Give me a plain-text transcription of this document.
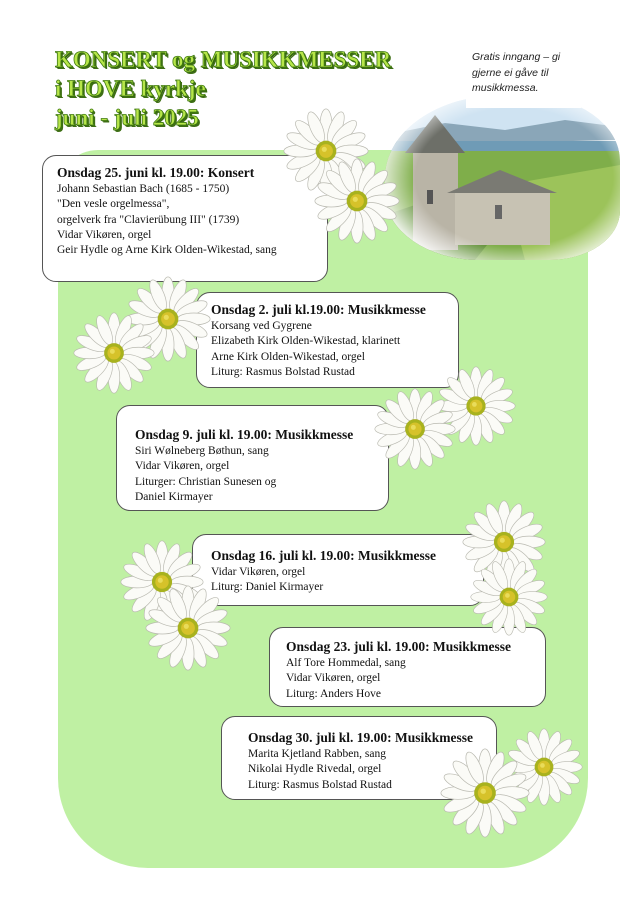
KONSERT og MUSIKKMESSER
i HOVE kyrkje
juni - juli 2025
Gratis inngang – gi
gjerne ei gåve til
musikkmessa.
Onsdag 25. juni kl. 19.00: Konsert
Johann Sebastian Bach (1685 - 1750)
"Den vesle orgelmessa",
orgelverk fra "Clavierübung III" (1739)
Vidar Vikøren, orgel
Geir Hydle og Arne Kirk Olden-Wikestad, sang
Onsdag 2. juli kl.19.00: Musikkmesse
Korsang ved Gygrene
Elizabeth Kirk Olden-Wikestad, klarinett
Arne Kirk Olden-Wikestad, orgel
Liturg: Rasmus Bolstad Rustad
Onsdag 9. juli kl. 19.00: Musikkmesse
Siri Wølneberg Bøthun, sang
Vidar Vikøren, orgel
Liturger: Christian Sunesen og
Daniel Kirmayer
Onsdag 16. juli kl. 19.00: Musikkmesse
Vidar Vikøren, orgel
Liturg: Daniel Kirmayer
Onsdag 23. juli kl. 19.00: Musikkmesse
Alf Tore Hommedal, sang
Vidar Vikøren, orgel
Liturg: Anders Hove
Onsdag 30. juli kl. 19.00: Musikkmesse
Marita Kjetland Rabben, sang
Nikolai Hydle Rivedal, orgel
Liturg: Rasmus Bolstad Rustad
